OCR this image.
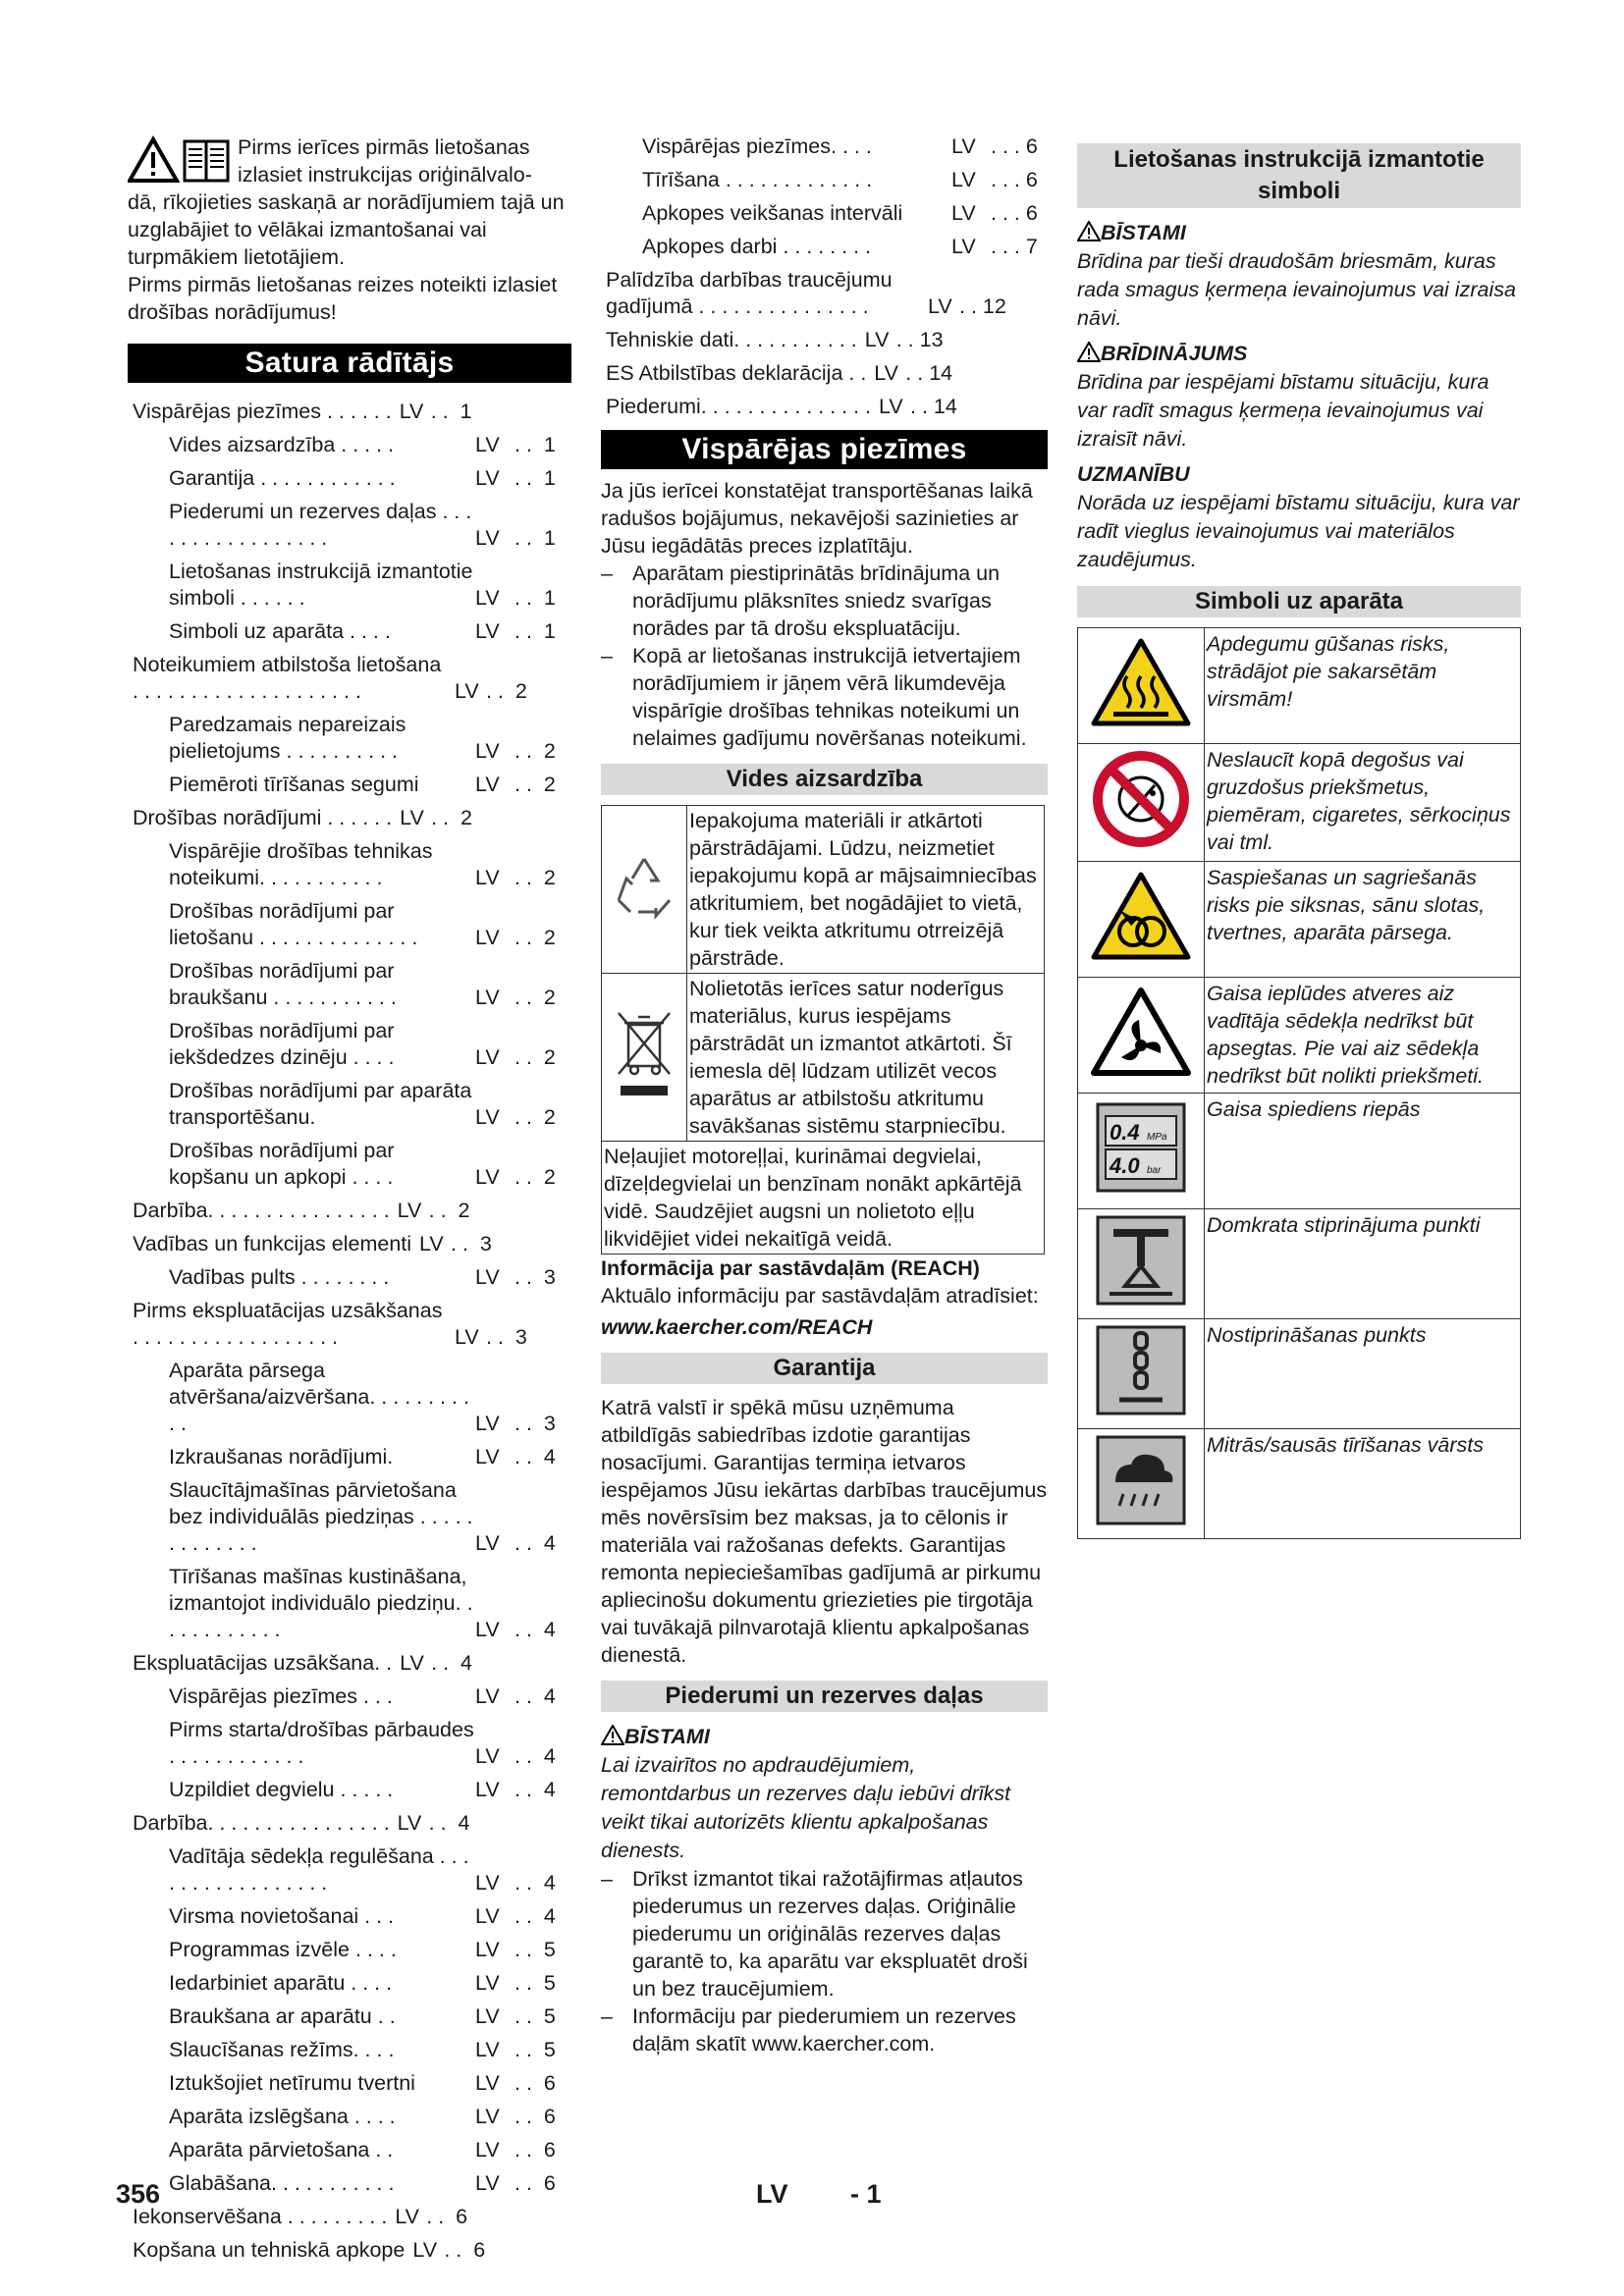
Pirms ierīces pirmās lietošanas
izlasiet instrukcijas oriģinālvalo-
dā, rīkojieties saskaņā ar norādījumiem tajā un uzglabājiet to vēlākai izmantošanai vai turpmākiem lietotājiem.

Pirms pirmās lietošanas reizes noteikti izlasiet drošības norādījumus!

Satura rādītājs
Vispārējas piezīmes . . . . . . LV . .  1
Vides aizsardzība . . . . .	LV . .  1
Garantija . . . . . . . . . . . .	LV . .  1
Piederumi un rezerves daļas . . . . . . . . . . . . . . . . .	LV . .  1
Lietošanas instrukcijā izmantotie simboli . . . . . .	LV . .  1
Simboli uz aparāta . . . .	LV . .  1
Noteikumiem atbilstoša lietošana . . . . . . . . . . . . . . . . . . . .	LV . .  2
Paredzamais nepareizais pielietojums . . . . . . . . . .	LV . .  2
Piemēroti tīrīšanas segumi	LV . .  2
Drošības norādījumi . . . . . . LV . .  2
Vispārējie drošības tehnikas noteikumi. . . . . . . . . . .	LV . .  2
Drošības norādījumi par lietošanu . . . . . . . . . . . . . .	LV . .  2
Drošības norādījumi par braukšanu . . . . . . . . . . .	LV . .  2
Drošības norādījumi par iekšdedzes dzinēju . . . .	LV . .  2
Drošības norādījumi par aparāta transportēšanu.	LV . .  2
Drošības norādījumi par kopšanu un apkopi . . . .	LV . .  2
Darbība. . . . . . . . . . . . . . . . LV . .  2
Vadības un funkcijas elementi LV . .  3
Vadības pults . . . . . . . .	LV . .  3
Pirms ekspluatācijas uzsākšanas . . . . . . . . . . . . . . . . . .	LV . .  3
Aparāta pārsega atvēršana/aizvēršana. . . . . . . . . . .	LV . .  3
Izkraušanas norādījumi.	LV . .  4
Slaucītājmašīnas pārvietošana bez individuālās piedziņas . . . . . . . . . . . . .	LV . .  4
Tīrīšanas mašīnas kustināšana, izmantojot individuālo piedziņu. . . . . . . . . . . .	LV . .  4
Ekspluatācijas uzsākšana. . LV . .  4
Vispārējas piezīmes . . .	LV . .  4
Pirms starta/drošības pārbaudes . . . . . . . . . . . .	LV . .  4
Uzpildiet degvielu . . . . .	LV . .  4
Darbība. . . . . . . . . . . . . . . . LV . .  4
Vadītāja sēdekļa regulēšana . . . . . . . . . . . . . . . . .	LV . .  4
Virsma novietošanai . . .	LV . .  4
Programmas izvēle . . . .	LV . .  5
Iedarbiniet aparātu . . . .	LV . .  5
Braukšana ar aparātu . .	LV . .  5
Slaucīšanas režīms. . . .	LV . .  5
Iztukšojiet netīrumu tvertni	LV . .  6
Aparāta izslēgšana . . . .	LV . .  6
Aparāta pārvietošana . .	LV . .  6
Glabāšana. . . . . . . . . . .	LV . .  6
Iekonservēšana . . . . . . . . . LV . .  6
Kopšana un tehniskā apkope LV . .  6
Vispārējas piezīmes. . . .	LV . . . 6
Tīrīšana . . . . . . . . . . . . .	LV . . . 6
Apkopes veikšanas intervāli	LV . . . 6
Apkopes darbi . . . . . . . .	LV . . . 7
Palīdzība darbības traucējumu gadījumā . . . . . . . . . . . . . . .	LV . . 12
Tehniskie dati. . . . . . . . . . . LV . . 13
ES Atbilstības deklarācija . . LV . . 14
Piederumi. . . . . . . . . . . . . . . LV . . 14
Vispārējas piezīmes

Ja jūs ierīcei konstatējat transportēšanas laikā radušos bojājumus, nekavējoši sazinieties ar Jūsu iegādātās preces izplatītāju.

– Aparātam piestiprinātās brīdinājuma un norādījumu plāksnītes sniedz svarīgas norādes par tā drošu ekspluatāciju.
– Kopā ar lietošanas instrukcijā ietvertajiem norādījumiem ir jāņem vērā likumdevēja vispārīgie drošības tehnikas noteikumi un nelaimes gadījumu novēršanas noteikumi.
Vides aizsardzība
	Iepakojuma materiāli ir atkārtoti pārstrādājami. Lūdzu, neizmetiet iepakojumu kopā ar mājsaimniecības atkritumiem, bet nogādājiet to vietā, kur tiek veikta atkritumu otrreizējā pārstrāde.
	Nolietotās ierīces satur noderīgus materiālus, kurus iespējams pārstrādāt un izmantot atkārtoti. Šī iemesla dēļ lūdzam utilizēt vecos aparātus ar atbilstošu atkritumu savākšanas sistēmu starpniecību.
Neļaujiet motoreļļai, kurināmai degvielai, dīzeļdegvielai un benzīnam nonākt apkārtējā vidē. Saudzējiet augsni un nolietoto eļļu likvidējiet videi nekaitīgā veidā.	

Informācija par sastāvdaļām (REACH)

Aktuālo informāciju par sastāvdaļām atradīsiet:

www.kaercher.com/REACH

Garantija

Katrā valstī ir spēkā mūsu uzņēmuma atbildīgās sabiedrības izdotie garantijas nosacījumi. Garantijas termiņa ietvaros iespējamos Jūsu iekārtas darbības traucējumus mēs novērsīsim bez maksas, ja to cēlonis ir materiāla vai ražošanas defekts. Garantijas remonta nepieciešamības gadījumā ar pirkumu apliecinošu dokumentu griezieties pie tirgotāja vai tuvākajā pilnvarotajā klientu apkalpošanas dienestā.

Piederumi un rezerves daļas

BĪSTAMI

Lai izvairītos no apdraudējumiem, remontdarbus un rezerves daļu iebūvi drīkst veikt tikai autorizēts klientu apkalpošanas dienests.

– Drīkst izmantot tikai ražotājfirmas atļautos piederumus un rezerves daļas. Oriģinālie piederumu un oriģinālās rezerves daļas garantē to, ka aparātu var ekspluatēt droši un bez traucējumiem.
– Informāciju par piederumiem un rezerves daļām skatīt www.kaercher.com.
Lietošanas instrukcijā izmantotie simboli

BĪSTAMI

Brīdina par tieši draudošām briesmām, kuras rada smagus ķermeņa ievainojumus vai izraisa nāvi.

BRĪDINĀJUMS

Brīdina par iespējami bīstamu situāciju, kura var radīt smagus ķermeņa ievainojumus vai izraisīt nāvi.

UZMANĪBU

Norāda uz iespējami bīstamu situāciju, kura var radīt vieglus ievainojumus vai materiālos zaudējumus.

Simboli uz aparāta
	Apdegumu gūšanas risks, strādājot pie sakarsētām virsmām!
	Neslaucīt kopā degošus vai gruzdošus priekšmetus, piemēram, cigaretes, sērkociņus vai tml.
	Saspiešanas un sagriešanās risks pie siksnas, sānu slotas, tvertnes, aparāta pārsega.
	Gaisa ieplūdes atveres aiz vadītāja sēdekļa nedrīkst būt apsegtas. Pie vai aiz sēdekļa nedrīkst būt nolikti priekšmeti.

0.4 MPa
4.0 bar	Gaisa spiediens riepās
	Domkrata stiprinājuma punkti
	Nostiprināšanas punkts
	Mitrās/sausās tīrīšanas vārsts
356	LV - 1
